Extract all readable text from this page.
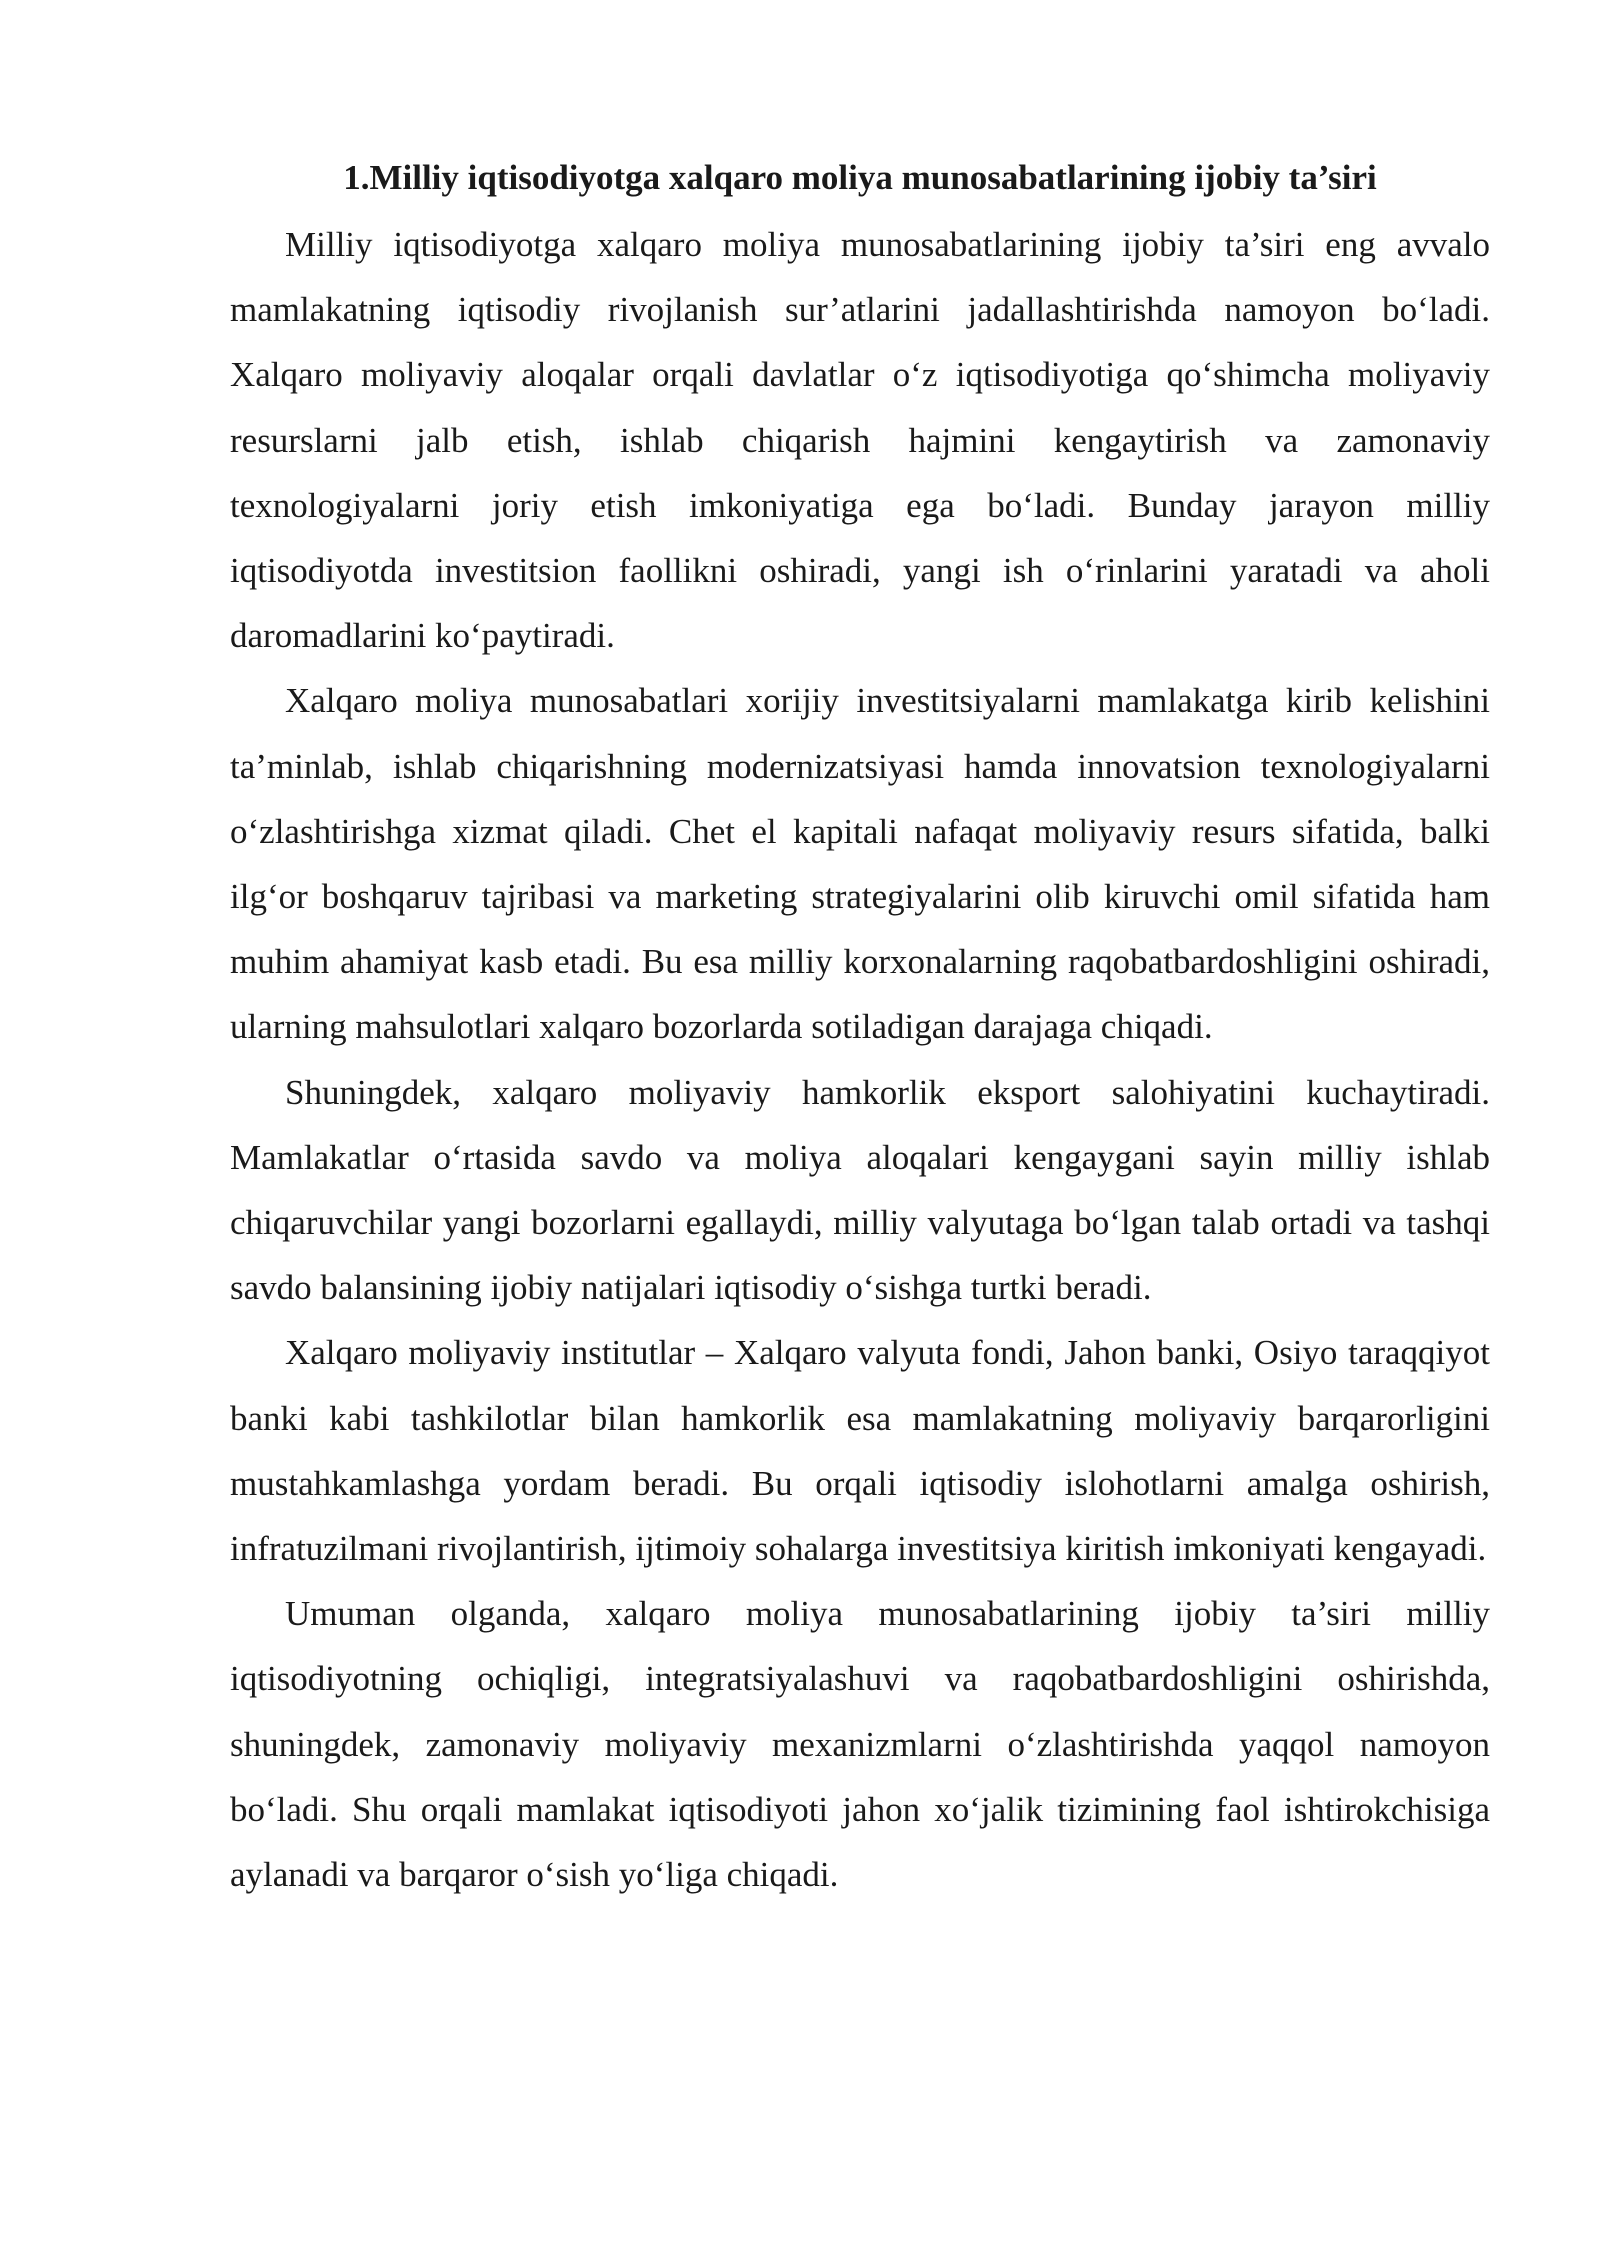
1.Milliy iqtisodiyotga xalqaro moliya munosabatlarining ijobiy ta’siri

Milliy iqtisodiyotga xalqaro moliya munosabatlarining ijobiy ta’siri eng avvalo mamlakatning iqtisodiy rivojlanish sur’atlarini jadallashtirishda namoyon bo‘ladi. Xalqaro moliyaviy aloqalar orqali davlatlar o‘z iqtisodiyotiga qo‘shimcha moliyaviy resurslarni jalb etish, ishlab chiqarish hajmini kengaytirish va zamonaviy texnologiyalarni joriy etish imkoniyatiga ega bo‘ladi. Bunday jarayon milliy iqtisodiyotda investitsion faollikni oshiradi, yangi ish o‘rinlarini yaratadi va aholi daromadlarini ko‘paytiradi.

Xalqaro moliya munosabatlari xorijiy investitsiyalarni mamlakatga kirib kelishini ta’minlab, ishlab chiqarishning modernizatsiyasi hamda innovatsion texnologiyalarni o‘zlashtirishga xizmat qiladi. Chet el kapitali nafaqat moliyaviy resurs sifatida, balki ilg‘or boshqaruv tajribasi va marketing strategiyalarini olib kiruvchi omil sifatida ham muhim ahamiyat kasb etadi. Bu esa milliy korxonalarning raqobatbardoshligini oshiradi, ularning mahsulotlari xalqaro bozorlarda sotiladigan darajaga chiqadi.

Shuningdek, xalqaro moliyaviy hamkorlik eksport salohiyatini kuchaytiradi. Mamlakatlar o‘rtasida savdo va moliya aloqalari kengaygani sayin milliy ishlab chiqaruvchilar yangi bozorlarni egallaydi, milliy valyutaga bo‘lgan talab ortadi va tashqi savdo balansining ijobiy natijalari iqtisodiy o‘sishga turtki beradi.

Xalqaro moliyaviy institutlar – Xalqaro valyuta fondi, Jahon banki, Osiyo taraqqiyot banki kabi tashkilotlar bilan hamkorlik esa mamlakatning moliyaviy barqarorligini mustahkamlashga yordam beradi. Bu orqali iqtisodiy islohotlarni amalga oshirish, infratuzilmani rivojlantirish, ijtimoiy sohalarga investitsiya kiritish imkoniyati kengayadi.

Umuman olganda, xalqaro moliya munosabatlarining ijobiy ta’siri milliy iqtisodiyotning ochiqligi, integratsiyalashuvi va raqobatbardoshligini oshirishda, shuningdek, zamonaviy moliyaviy mexanizmlarni o‘zlashtirishda yaqqol namoyon bo‘ladi. Shu orqali mamlakat iqtisodiyoti jahon xo‘jalik tizimining faol ishtirokchisiga aylanadi va barqaror o‘sish yo‘liga chiqadi.
